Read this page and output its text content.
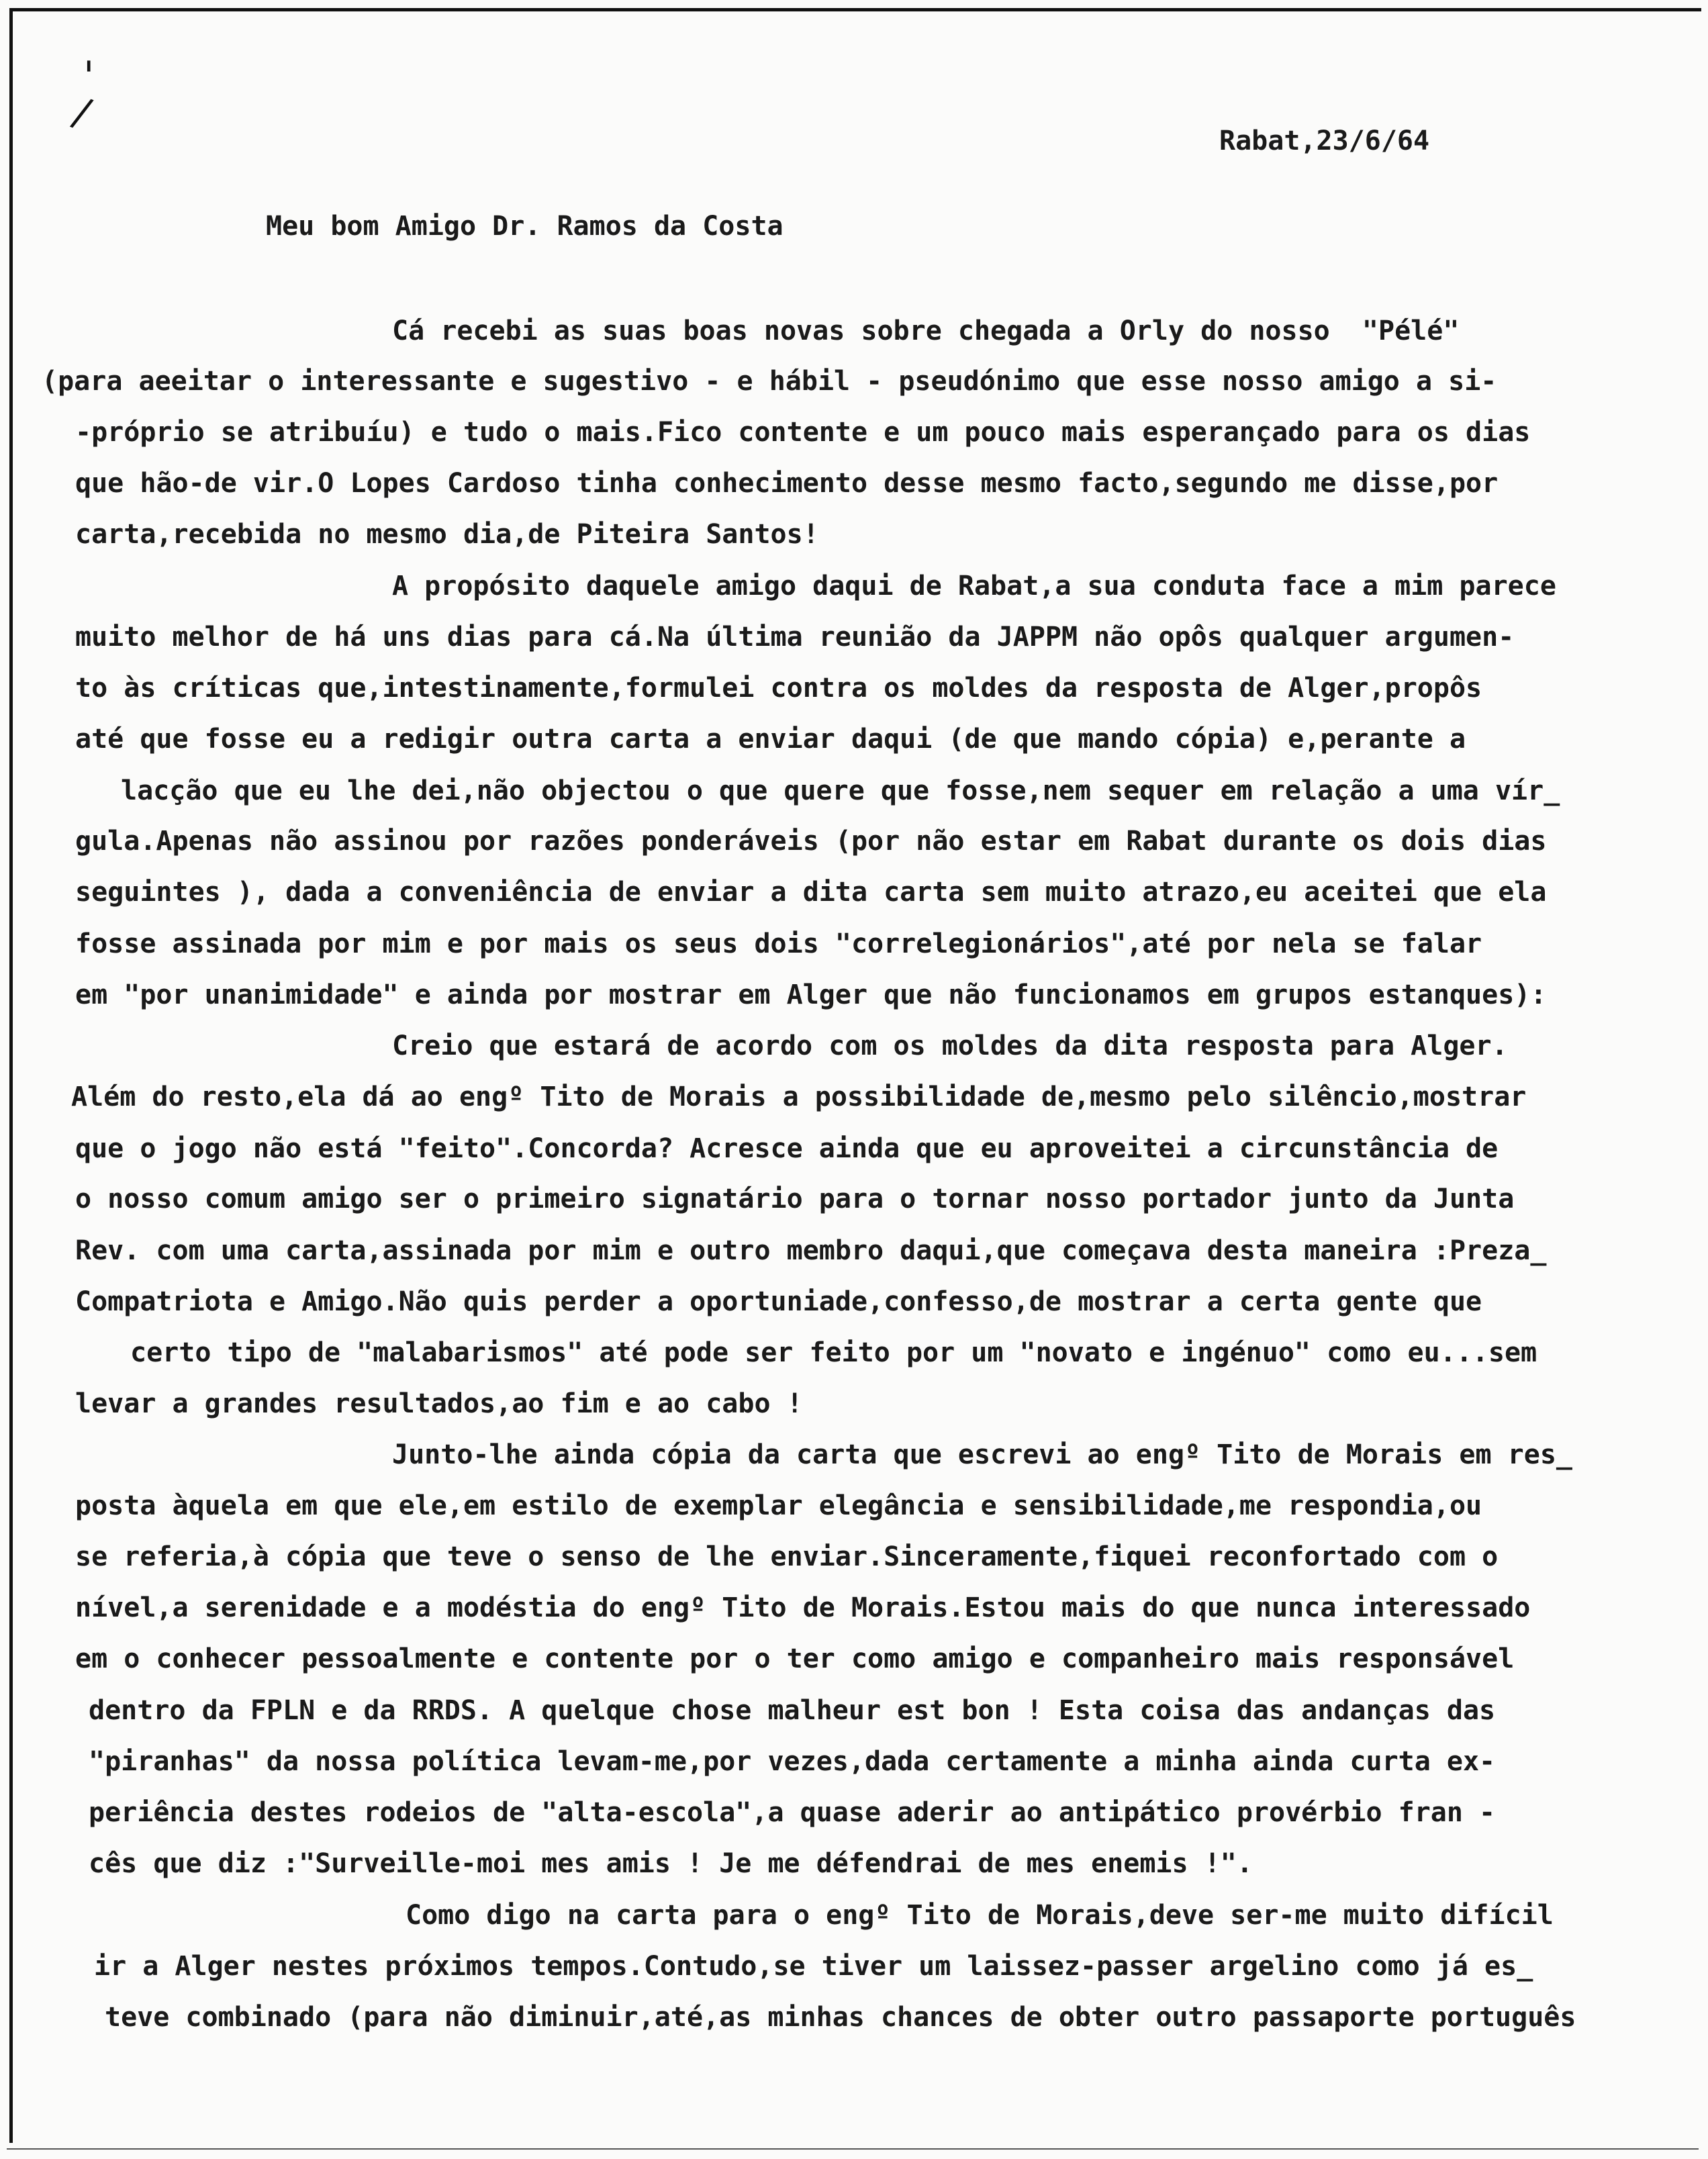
'
/
Rabat,23/6/64
Meu bom Amigo Dr. Ramos da Costa
Cá recebi as suas boas novas sobre chegada a Orly do nosso  "Pélé"
(para aeeitar o interessante e sugestivo - e hábil - pseudónimo que esse nosso amigo a si-
-próprio se atribuíu) e tudo o mais.Fico contente e um pouco mais esperançado para os dias
que hão-de vir.O Lopes Cardoso tinha conhecimento desse mesmo facto,segundo me disse,por
carta,recebida no mesmo dia,de Piteira Santos!
A propósito daquele amigo daqui de Rabat,a sua conduta face a mim parece
muito melhor de há uns dias para cá.Na última reunião da JAPPM não opôs qualquer argumen-
to às críticas que,intestinamente,formulei contra os moldes da resposta de Alger,propôs
até que fosse eu a redigir outra carta a enviar daqui (de que mando cópia) e,perante a
lacção que eu lhe dei,não objectou o que quere que fosse,nem sequer em relação a uma vír_
gula.Apenas não assinou por razões ponderáveis (por não estar em Rabat durante os dois dias
seguintes ), dada a conveniência de enviar a dita carta sem muito atrazo,eu aceitei que ela
fosse assinada por mim e por mais os seus dois "correlegionários",até por nela se falar
em "por unanimidade" e ainda por mostrar em Alger que não funcionamos em grupos estanques):
Creio que estará de acordo com os moldes da dita resposta para Alger.
Além do resto,ela dá ao engº Tito de Morais a possibilidade de,mesmo pelo silêncio,mostrar
que o jogo não está "feito".Concorda? Acresce ainda que eu aproveitei a circunstância de
o nosso comum amigo ser o primeiro signatário para o tornar nosso portador junto da Junta
Rev. com uma carta,assinada por mim e outro membro daqui,que começava desta maneira :Preza_
Compatriota e Amigo.Não quis perder a oportuniade,confesso,de mostrar a certa gente que
certo tipo de "malabarismos" até pode ser feito por um "novato e ingénuo" como eu...sem
levar a grandes resultados,ao fim e ao cabo !
Junto-lhe ainda cópia da carta que escrevi ao engº Tito de Morais em res_
posta àquela em que ele,em estilo de exemplar elegância e sensibilidade,me respondia,ou
se referia,à cópia que teve o senso de lhe enviar.Sinceramente,fiquei reconfortado com o
nível,a serenidade e a modéstia do engº Tito de Morais.Estou mais do que nunca interessado
em o conhecer pessoalmente e contente por o ter como amigo e companheiro mais responsável
dentro da FPLN e da RRDS. A quelque chose malheur est bon ! Esta coisa das andanças das
"piranhas" da nossa política levam-me,por vezes,dada certamente a minha ainda curta ex-
periência destes rodeios de "alta-escola",a quase aderir ao antipático provérbio fran -
cês que diz :"Surveille-moi mes amis ! Je me défendrai de mes enemis !".
Como digo na carta para o engº Tito de Morais,deve ser-me muito difícil
ir a Alger nestes próximos tempos.Contudo,se tiver um laissez-passer argelino como já es_
teve combinado (para não diminuir,até,as minhas chances de obter outro passaporte português
